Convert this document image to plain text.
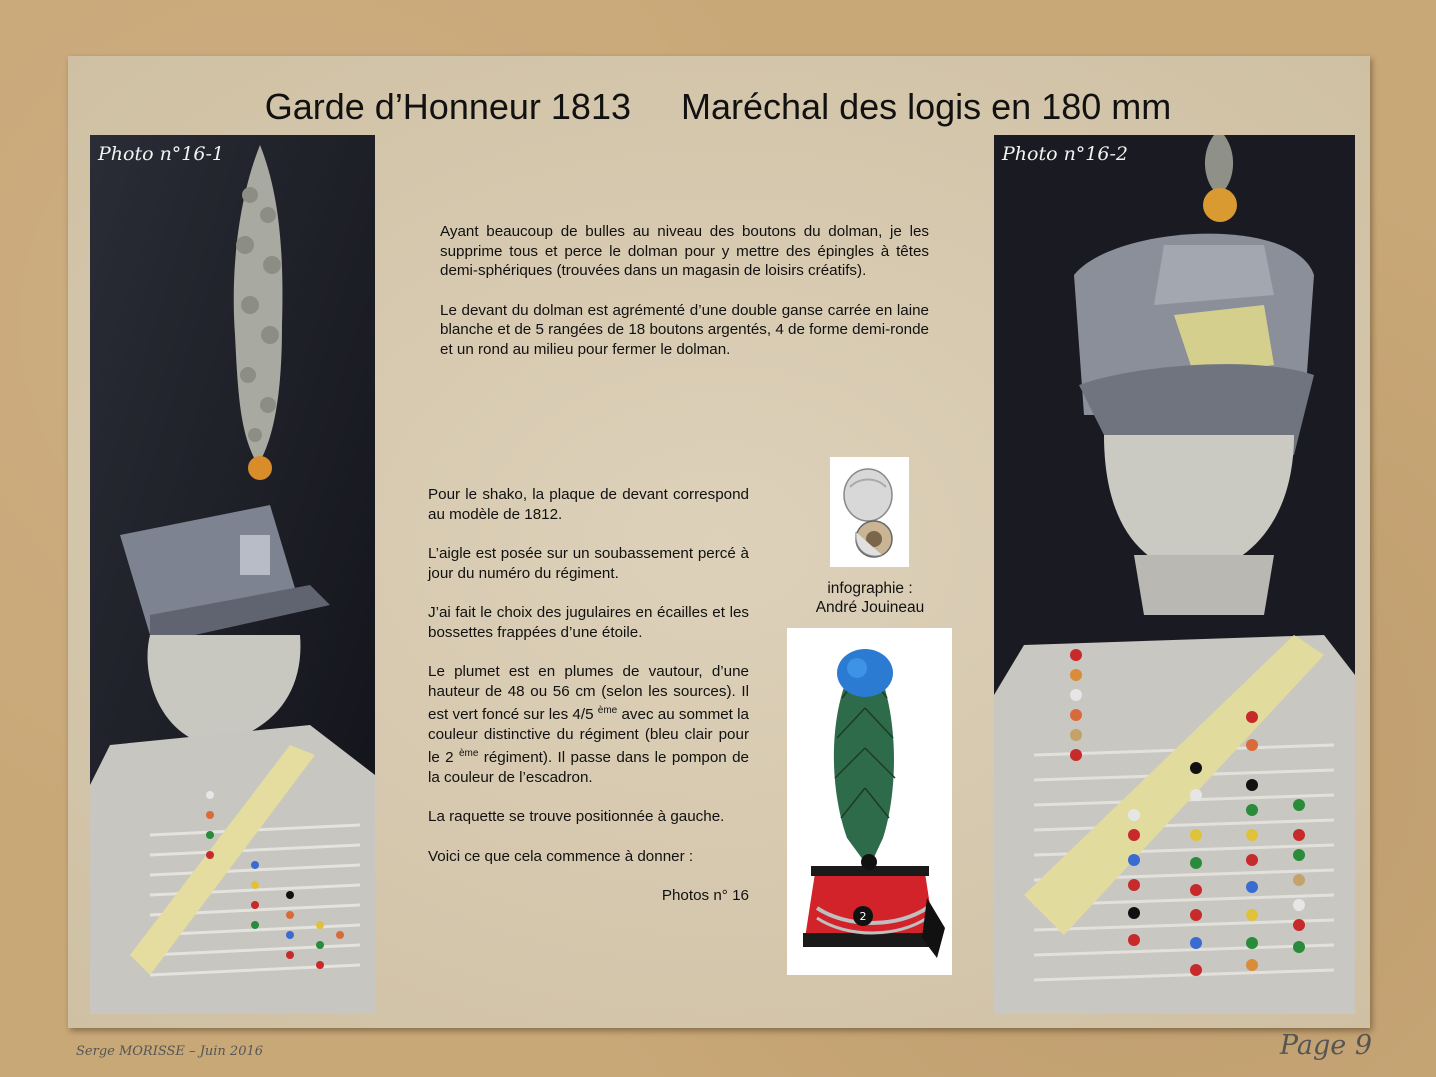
Garde d’Honneur 1813 Maréchal des logis en 180 mm
Photo n°16-1	Photo n°16-2

Ayant beaucoup de bulles au niveau des boutons du dolman, je les supprime tous et perce le dolman pour y mettre des épingles à têtes demi-sphériques (trouvées dans un magasin de loisirs créatifs).

Le devant du dolman est agrémenté d’une double ganse carrée en laine blanche et de 5 rangées de 18 boutons argentés, 4 de forme demi-ronde et un rond au milieu pour fermer le dolman.

Pour le shako, la plaque de devant correspond au modèle de 1812.

L’aigle est posée sur un soubassement percé à jour du numéro du régiment.

J’ai fait le choix des jugulaires en écailles et les bossettes frappées d’une étoile.

Le plumet est en plumes de vautour, d’une hauteur de 48 ou 56 cm (selon les sources). Il est vert foncé sur les 4/5 $^{ème}$ avec au sommet la couleur distinctive du régiment (bleu clair pour le 2 $^{ème}$ régiment). Il passe dans le pompon de la couleur de l’escadron.

La raquette se trouve positionnée à gauche.

Voici ce que cela commence à donner :

Photos n° 16

infographie :
André Jouineau
2
Serge MORISSE – Juin 2016	Page 9
